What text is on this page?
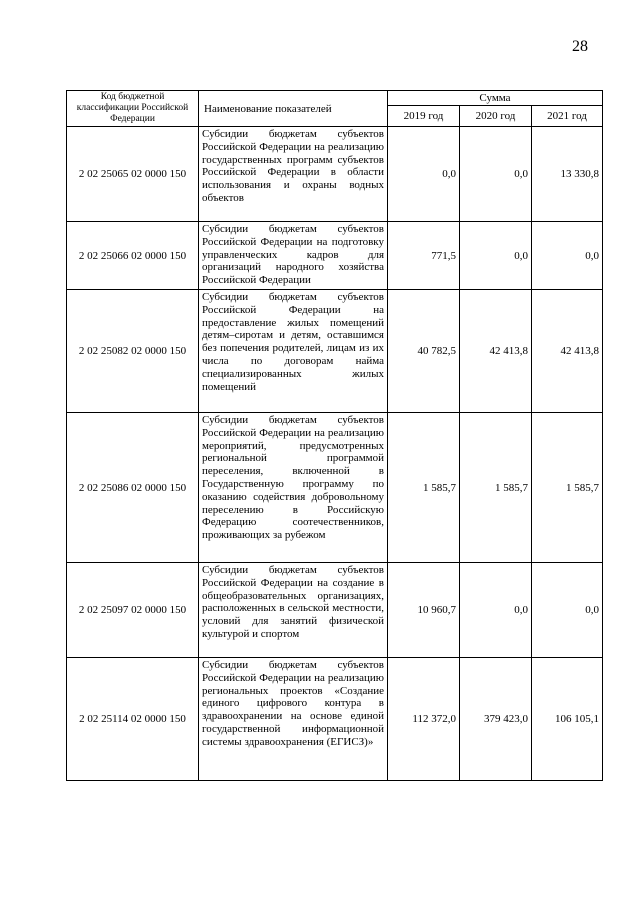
28
Код бюджетной классификации Российской Федерации	Наименование показателей	Сумма		
		2019 год	2020 год	2021 год
2 02 25065 02 0000 150	Субсидии бюджетам субъектов Российской Федерации на реализацию государственных программ субъектов Российской Федерации в области использования и охраны водных объектов	0,0	0,0	13 330,8
2 02 25066 02 0000 150	Субсидии бюджетам субъектов Российской Федерации на подготовку управленческих кадров для организаций народного хозяйства Российской Федерации	771,5	0,0	0,0
2 02 25082 02 0000 150	Субсидии бюджетам субъектов Российской Федерации на предоставление жилых помещений детям–сиротам и детям, оставшимся без попечения родителей, лицам из их числа по договорам найма специализированных жилых помещений	40 782,5	42 413,8	42 413,8
2 02 25086 02 0000 150	Субсидии бюджетам субъектов Российской Федерации на реализацию мероприятий, предусмотренных региональной программой переселения, включенной в Государственную программу по оказанию содействия добровольному переселению в Российскую Федерацию соотечественников, проживающих за рубежом	1 585,7	1 585,7	1 585,7
2 02 25097 02 0000 150	Субсидии бюджетам субъектов Российской Федерации на создание в общеобразовательных организациях, расположенных в сельской местности, условий для занятий физической культурой и спортом	10 960,7	0,0	0,0
2 02 25114 02 0000 150	Субсидии бюджетам субъектов Российской Федерации на реализацию региональных проектов «Создание единого цифрового контура в здравоохранении на основе единой государственной информационной системы здравоохранения (ЕГИСЗ)»	112 372,0	379 423,0	106 105,1
